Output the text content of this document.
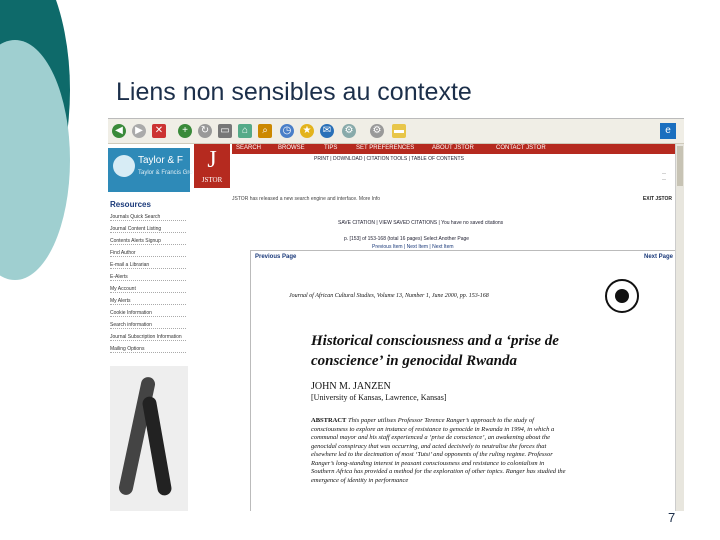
Liens non sensibles au contexte
◀	▶	✕	+	↻ ▭	⌂	⌕	◷ ★ ✉ ⚙ ⚙ ▬	e
Taylor & F
Taylor & Francis Gro
Resources
Journals Quick Search
Journal Content Listing
Contents Alerts Signup
Find Author
E-mail a Librarian
E-Alerts
My Account
My Alerts
Cookie Information
Search information
Journal Subscription Information
Mailing Options
J
JSTOR
SEARCH	BROWSE	TIPS	SET PREFERENCES	ABOUT JSTOR	CONTACT JSTOR
PRINT | DOWNLOAD | CITATION TOOLS | TABLE OF CONTENTS
—
—
JSTOR has released a new search engine and interface. More Info	EXIT JSTOR
SAVE CITATION | VIEW SAVED CITATIONS | You have no saved citations
p. [153] of 153-168 (total 16 pages) Select Another Page
Previous Item | Next Item | Next Item
Previous Page	Next Page
Journal of African Cultural Studies, Volume 13, Number 1, June 2000, pp. 153-168
Historical consciousness and a ‘prise de
conscience’ in genocidal Rwanda
JOHN M. JANZEN
[University of Kansas, Lawrence, Kansas]
ABSTRACT This paper utilises Professor Terence Ranger’s approach to the study of consciousness to explore an instance of resistance to genocide in Rwanda in 1994, in which a communal mayor and his staff experienced a ‘prise de conscience’, an awakening about the genocidal conspiracy that was occurring, and acted decisively to neutralise the forces that elsewhere led to the decimation of most ‘Tutsi’ and opponents of the ruling regime. Professor Ranger’s long-standing interest in peasant consciousness and resistance to colonialism in Southern Africa has provided a method for the exploration of other topics. Ranger has studied the emergence of identity in performance
7
